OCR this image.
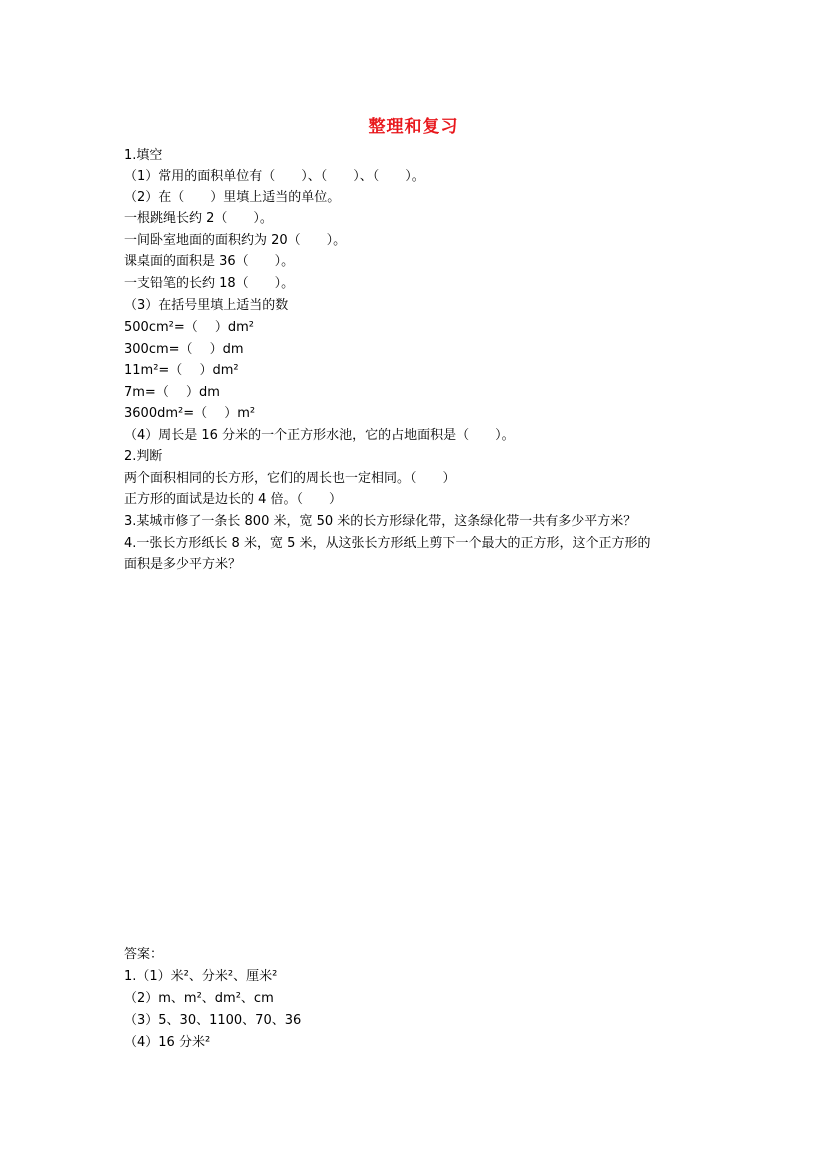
整理和复习
1.填空
（1）常用的面积单位有（　　）、（　　）、（　　）。
（2）在（　　）里填上适当的单位。
一根跳绳长约 2（　　）。
一间卧室地面的面积约为 20（　　）。
课桌面的面积是 36（　　）。
一支铅笔的长约 18（　　）。
（3）在括号里填上适当的数
500cm²=（　 ）dm²
300cm=（　 ）dm
11m²=（　 ）dm²
7m=（　 ）dm
3600dm²=（　 ）m²
（4）周长是 16 分米的一个正方形水池，它的占地面积是（　　）。
2.判断
两个面积相同的长方形，它们的周长也一定相同。（　　）
正方形的面试是边长的 4 倍。（　　）
3.某城市修了一条长 800 米，宽 50 米的长方形绿化带，这条绿化带一共有多少平方米？
4.一张长方形纸长 8 米，宽 5 米，从这张长方形纸上剪下一个最大的正方形，这个正方形的
面积是多少平方米？
答案：
1.（1）米²、分米²、厘米²
（2）m、m²、dm²、cm
（3）5、30、1100、70、36
（4）16 分米²
